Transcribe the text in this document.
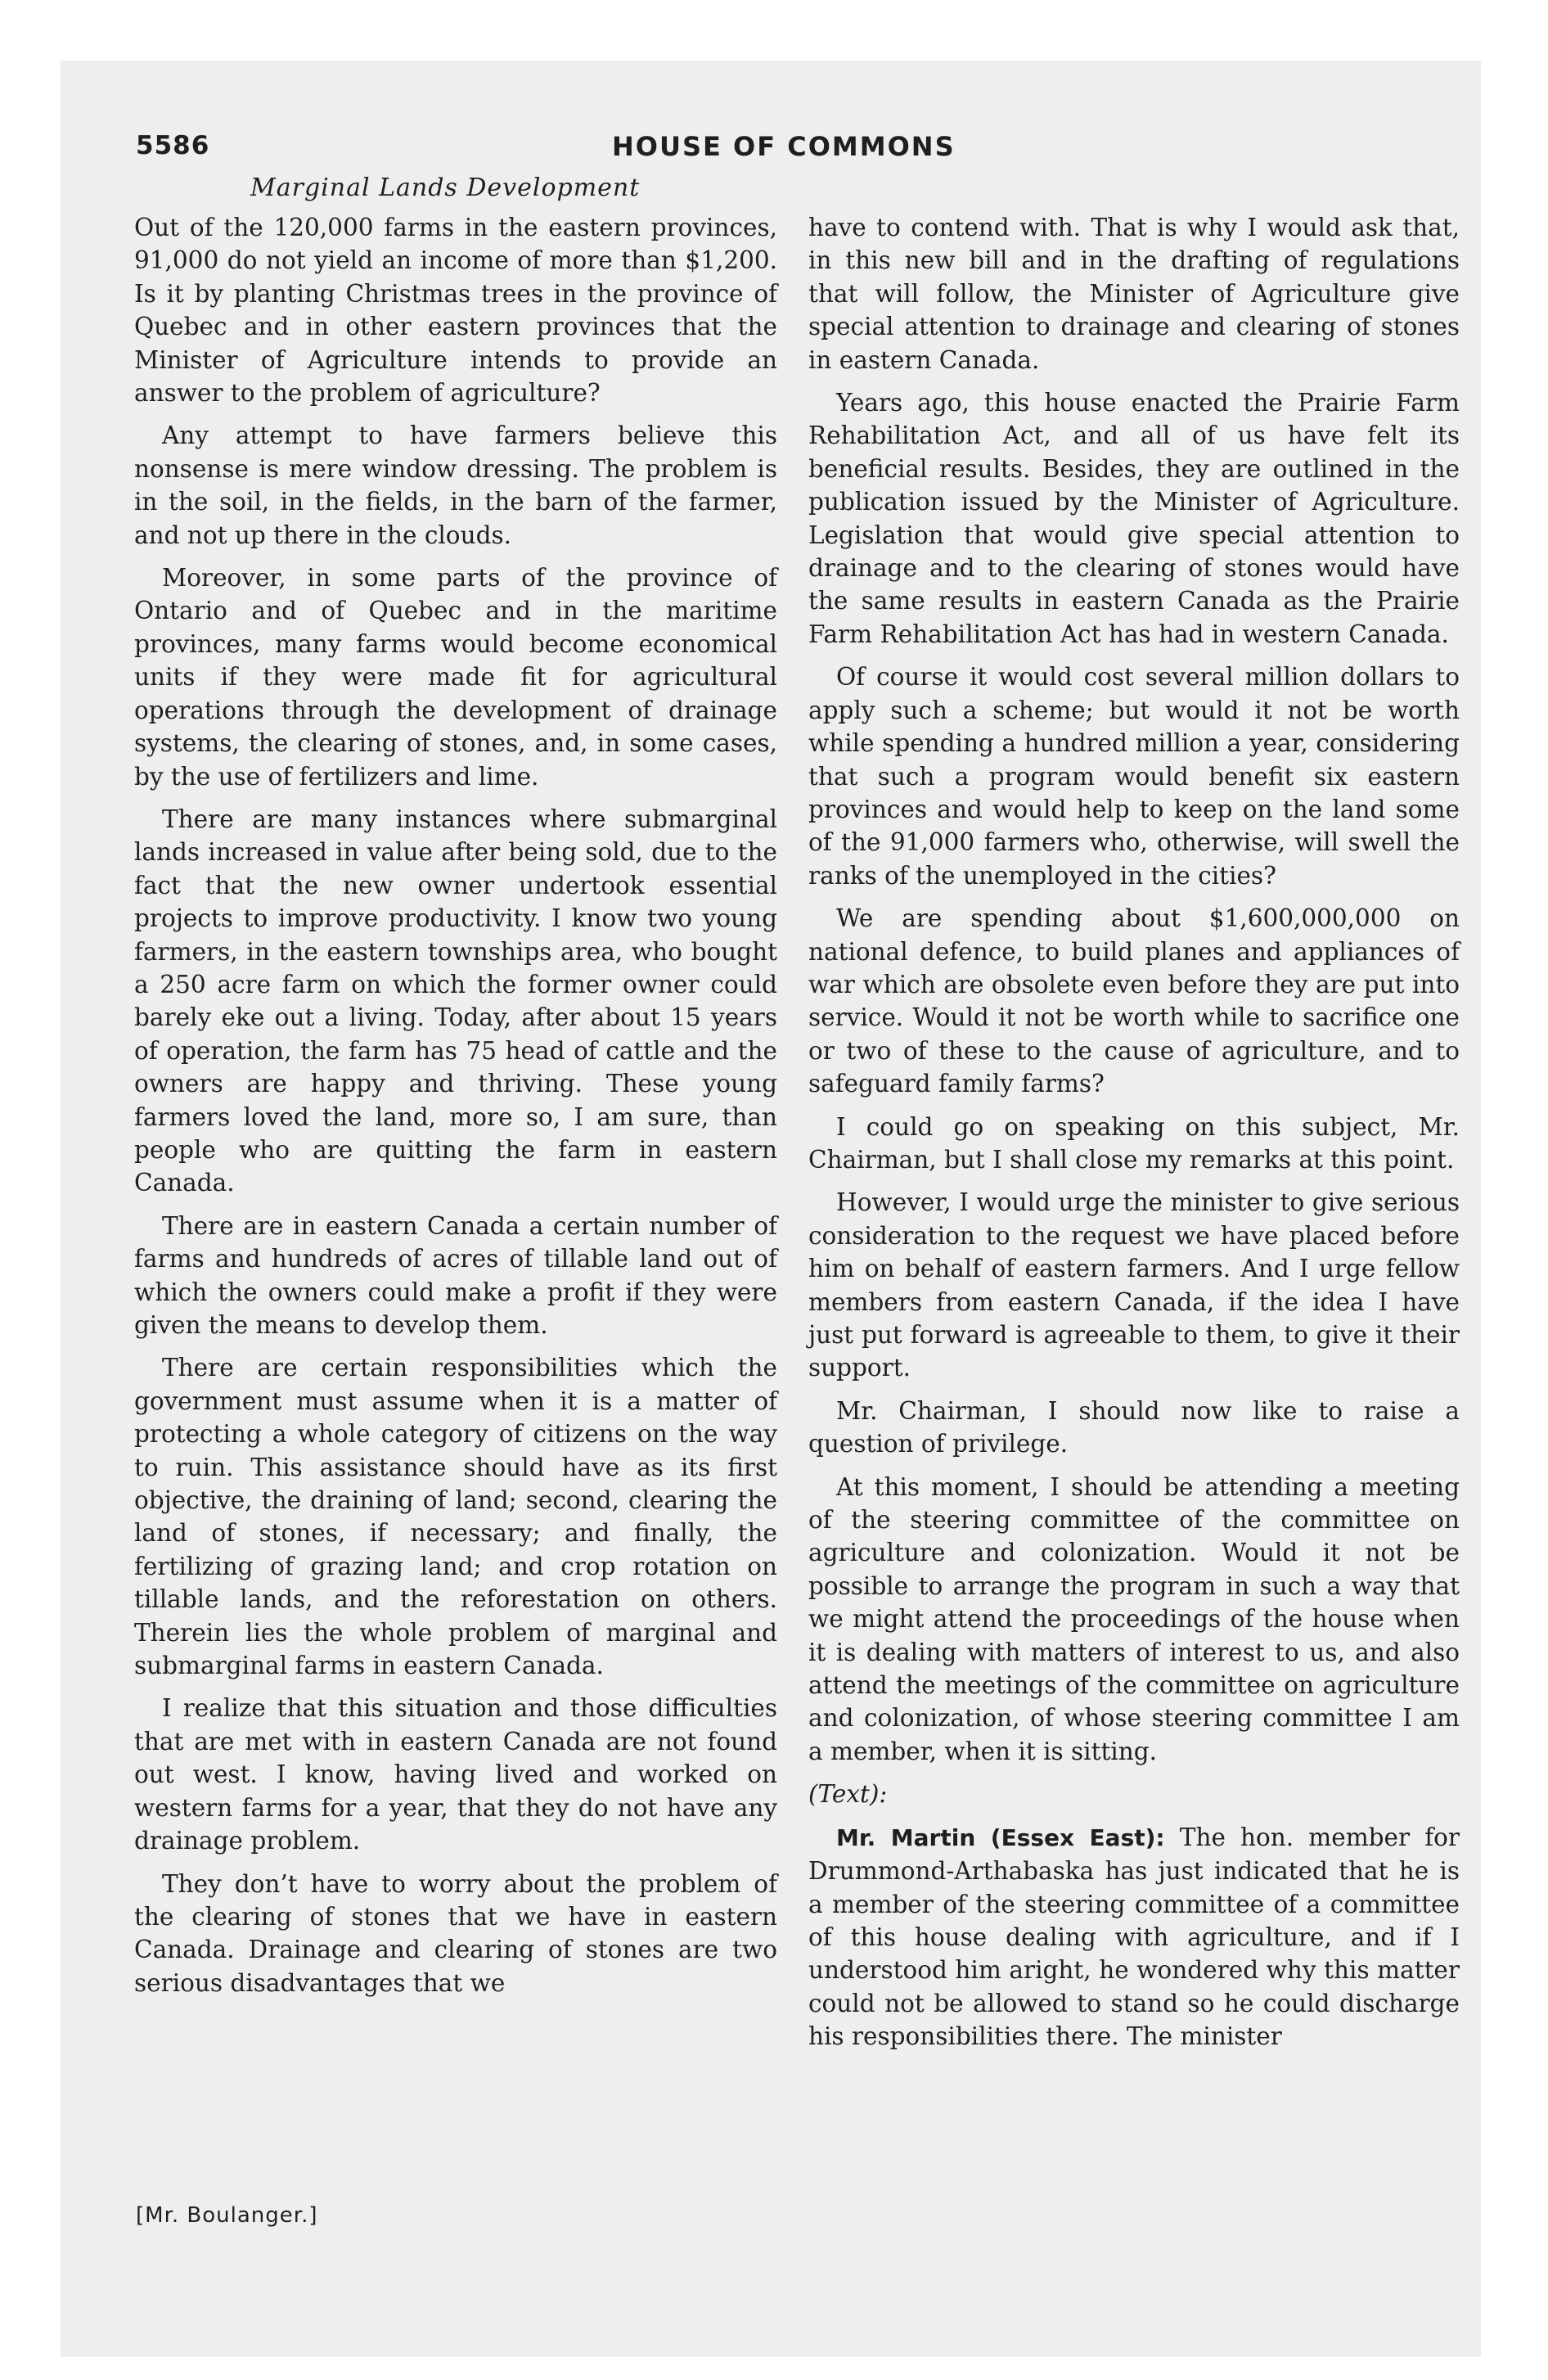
5586	HOUSE OF COMMONS
Marginal Lands Development

Out of the 120,000 farms in the eastern provinces, 91,000 do not yield an income of more than $1,200. Is it by planting Christmas trees in the province of Quebec and in other eastern provinces that the Minister of Agriculture intends to provide an answer to the problem of agriculture?

Any attempt to have farmers believe this nonsense is mere window dressing. The problem is in the soil, in the fields, in the barn of the farmer, and not up there in the clouds.

Moreover, in some parts of the province of Ontario and of Quebec and in the maritime provinces, many farms would become economical units if they were made fit for agricultural operations through the development of drainage systems, the clearing of stones, and, in some cases, by the use of fertilizers and lime.

There are many instances where submarginal lands increased in value after being sold, due to the fact that the new owner undertook essential projects to improve productivity. I know two young farmers, in the eastern townships area, who bought a 250 acre farm on which the former owner could barely eke out a living. Today, after about 15 years of operation, the farm has 75 head of cattle and the owners are happy and thriving. These young farmers loved the land, more so, I am sure, than people who are quitting the farm in eastern Canada.

There are in eastern Canada a certain number of farms and hundreds of acres of tillable land out of which the owners could make a profit if they were given the means to develop them.

There are certain responsibilities which the government must assume when it is a matter of protecting a whole category of citizens on the way to ruin. This assistance should have as its first objective, the draining of land; second, clearing the land of stones, if necessary; and finally, the fertilizing of grazing land; and crop rotation on tillable lands, and the reforestation on others. Therein lies the whole problem of marginal and submarginal farms in eastern Canada.

I realize that this situation and those difficulties that are met with in eastern Canada are not found out west. I know, having lived and worked on western farms for a year, that they do not have any drainage problem.

They don’t have to worry about the problem of the clearing of stones that we have in eastern Canada. Drainage and clearing of stones are two serious disadvantages that we

[Mr. Boulanger.]

have to contend with. That is why I would ask that, in this new bill and in the drafting of regulations that will follow, the Minister of Agriculture give special attention to drainage and clearing of stones in eastern Canada.

Years ago, this house enacted the Prairie Farm Rehabilitation Act, and all of us have felt its beneficial results. Besides, they are outlined in the publication issued by the Minister of Agriculture. Legislation that would give special attention to drainage and to the clearing of stones would have the same results in eastern Canada as the Prairie Farm Rehabilitation Act has had in western Canada.

Of course it would cost several million dollars to apply such a scheme; but would it not be worth while spending a hundred million a year, considering that such a program would benefit six eastern provinces and would help to keep on the land some of the 91,000 farmers who, otherwise, will swell the ranks of the unemployed in the cities?

We are spending about $1,600,000,000 on national defence, to build planes and appliances of war which are obsolete even before they are put into service. Would it not be worth while to sacrifice one or two of these to the cause of agriculture, and to safeguard family farms?

I could go on speaking on this subject, Mr. Chairman, but I shall close my remarks at this point.

However, I would urge the minister to give serious consideration to the request we have placed before him on behalf of eastern farmers. And I urge fellow members from eastern Canada, if the idea I have just put forward is agreeable to them, to give it their support.

Mr. Chairman, I should now like to raise a question of privilege.

At this moment, I should be attending a meeting of the steering committee of the committee on agriculture and colonization. Would it not be possible to arrange the program in such a way that we might attend the proceedings of the house when it is dealing with matters of interest to us, and also attend the meetings of the committee on agriculture and colonization, of whose steering committee I am a member, when it is sitting.

(Text):

Mr. Martin (Essex East): The hon. member for Drummond-Arthabaska has just indicated that he is a member of the steering committee of a committee of this house dealing with agriculture, and if I understood him aright, he wondered why this matter could not be allowed to stand so he could discharge his responsibilities there. The minister
